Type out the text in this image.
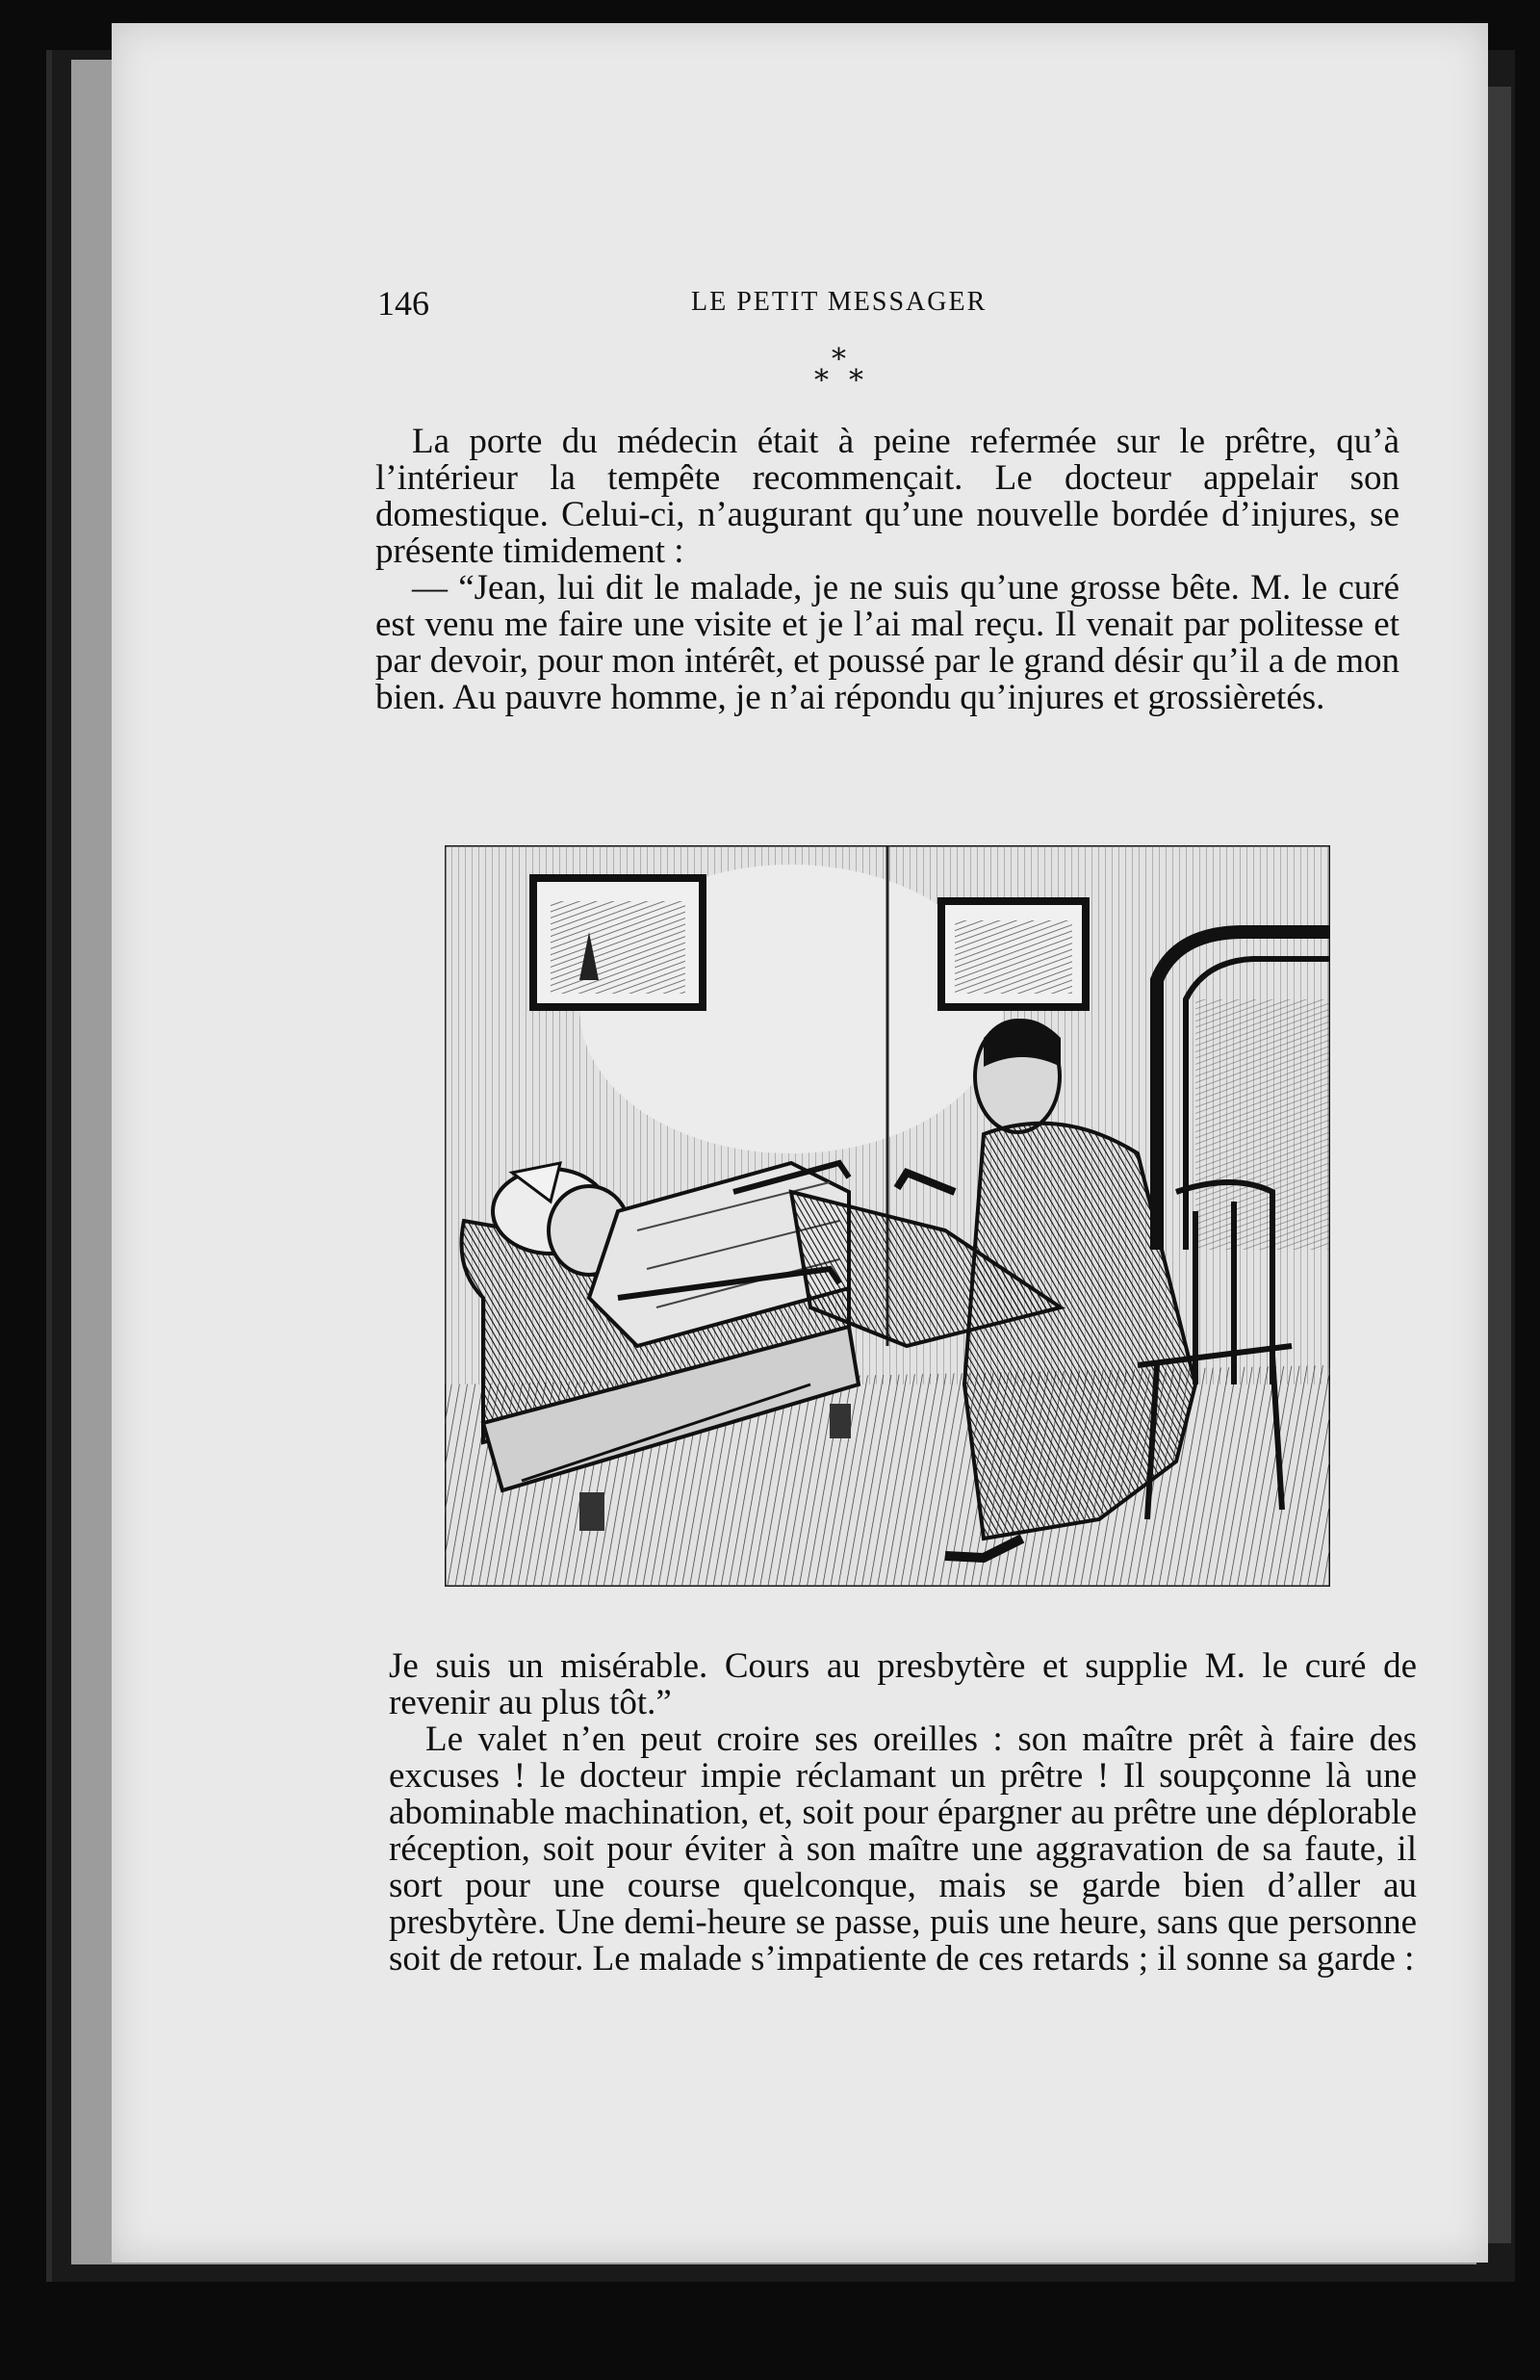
146	LE PETIT MESSAGER
*
* *

La porte du médecin était à peine refermée sur le prêtre, qu’à l’intérieur la tempête recommençait. Le docteur appelair son domestique. Celui-ci, n’augurant qu’une nouvelle bordée d’injures, se présente timidement :

— “Jean, lui dit le malade, je ne suis qu’une grosse bête. M. le curé est venu me faire une visite et je l’ai mal reçu. Il venait par politesse et par devoir, pour mon intérêt, et poussé par le grand désir qu’il a de mon bien. Au pauvre homme, je n’ai répondu qu’injures et grossièretés.

Je suis un misérable. Cours au presbytère et supplie M. le curé de revenir au plus tôt.”

Le valet n’en peut croire ses oreilles : son maître prêt à faire des excuses ! le docteur impie réclamant un prêtre ! Il soupçonne là une abominable machination, et, soit pour épargner au prêtre une déplorable réception, soit pour éviter à son maître une aggravation de sa faute, il sort pour une course quelconque, mais se garde bien d’aller au presbytère. Une demi-heure se passe, puis une heure, sans que personne soit de retour. Le malade s’impatiente de ces retards ; il sonne sa garde :
